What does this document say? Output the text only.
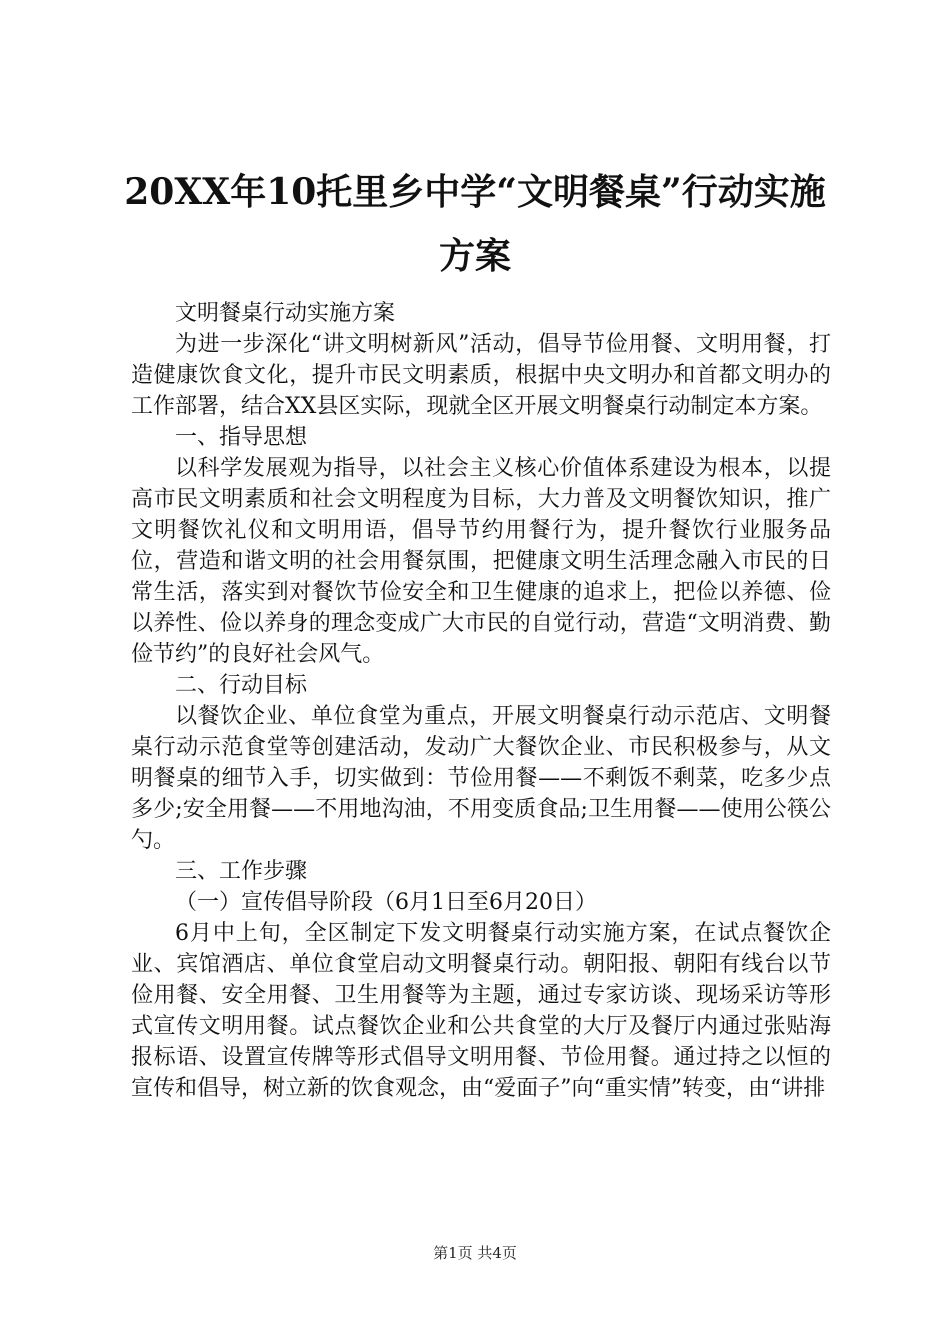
20XX年10托里乡中学“文明餐桌”行动实施方案

文明餐桌行动实施方案

为进一步深化“讲文明树新风”活动，倡导节俭用餐、文明用餐，打造健康饮食文化，提升市民文明素质，根据中央文明办和首都文明办的工作部署，结合XX县区实际，现就全区开展文明餐桌行动制定本方案。

一、指导思想

以科学发展观为指导，以社会主义核心价值体系建设为根本，以提高市民文明素质和社会文明程度为目标，大力普及文明餐饮知识，推广文明餐饮礼仪和文明用语，倡导节约用餐行为，提升餐饮行业服务品位，营造和谐文明的社会用餐氛围，把健康文明生活理念融入市民的日常生活，落实到对餐饮节俭安全和卫生健康的追求上，把俭以养德、俭以养性、俭以养身的理念变成广大市民的自觉行动，营造“文明消费、勤俭节约”的良好社会风气。

二、行动目标

以餐饮企业、单位食堂为重点，开展文明餐桌行动示范店、文明餐桌行动示范食堂等创建活动，发动广大餐饮企业、市民积极参与，从文明餐桌的细节入手，切实做到：节俭用餐——不剩饭不剩菜，吃多少点多少;安全用餐——不用地沟油，不用变质食品;卫生用餐——使用公筷公勺。

三、工作步骤

（一）宣传倡导阶段（6月1日至6月20日）

6月中上旬，全区制定下发文明餐桌行动实施方案，在试点餐饮企业、宾馆酒店、单位食堂启动文明餐桌行动。朝阳报、朝阳有线台以节俭用餐、安全用餐、卫生用餐等为主题，通过专家访谈、现场采访等形式宣传文明用餐。试点餐饮企业和公共食堂的大厅及餐厅内通过张贴海报标语、设置宣传牌等形式倡导文明用餐、节俭用餐。通过持之以恒的宣传和倡导，树立新的饮食观念，由“爱面子”向“重实情”转变，由“讲排

第1页 共4页
